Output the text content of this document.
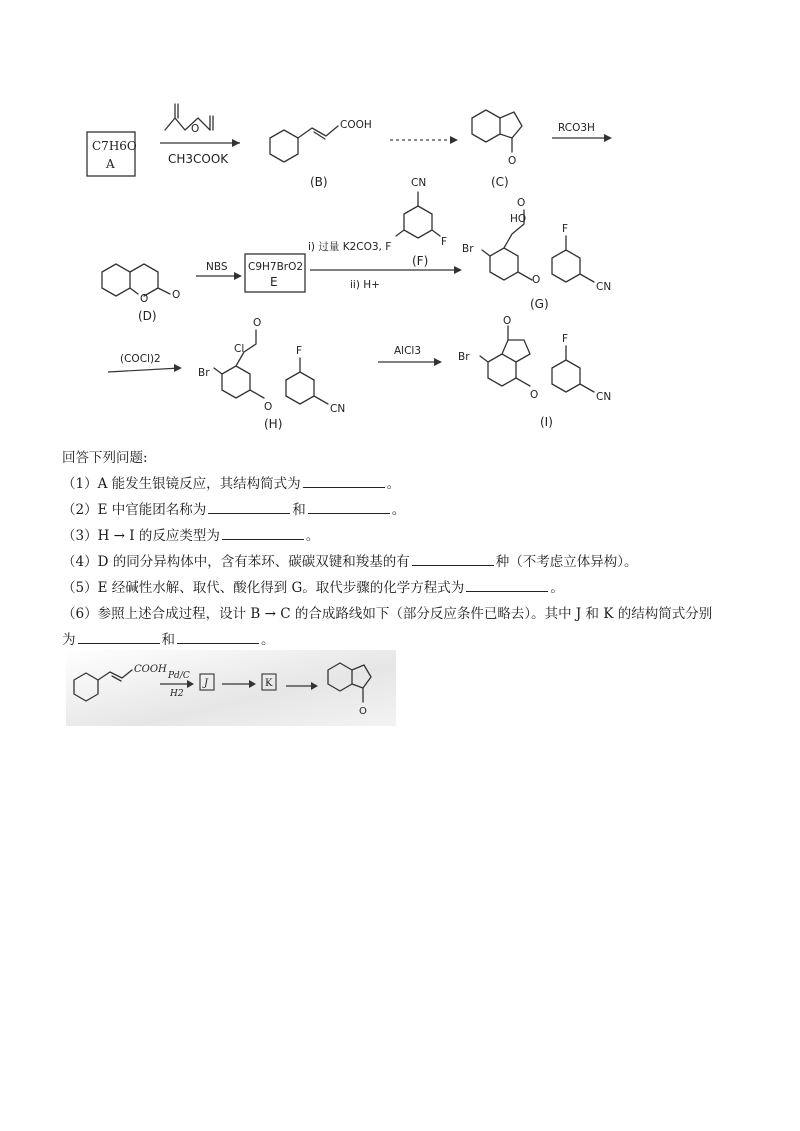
C7H6O
A
O
CH3COOK
COOH
(B)
O
(C)
RCO3H
O O
(D)
NBS C9H7BrO2
E
CN
F
i) 过量 K2CO3, F
(F)
ii) H+	O
HO
O
Br
F
CN
(G)
(COCl)2
O
Cl
O
Br
F
CN
(H)
AlCl3
O
O
Br
F
CN
(I)
回答下列问题:
（1）A 能发生银镜反应，其结构简式为	。
（2）E 中官能团名称为	和	。
（3）H → I 的反应类型为	。
（4）D 的同分异构体中，含有苯环、碳碳双键和羧基的有	种（不考虑立体异构）。
（5）E 经碱性水解、取代、酸化得到 G。取代步骤的化学方程式为	。
（6）参照上述合成过程，设计 B → C 的合成路线如下（部分反应条件已略去）。其中 J 和 K 的结构简式分别
为	和	。
COOH
Pd/C
H2
J	K
O
